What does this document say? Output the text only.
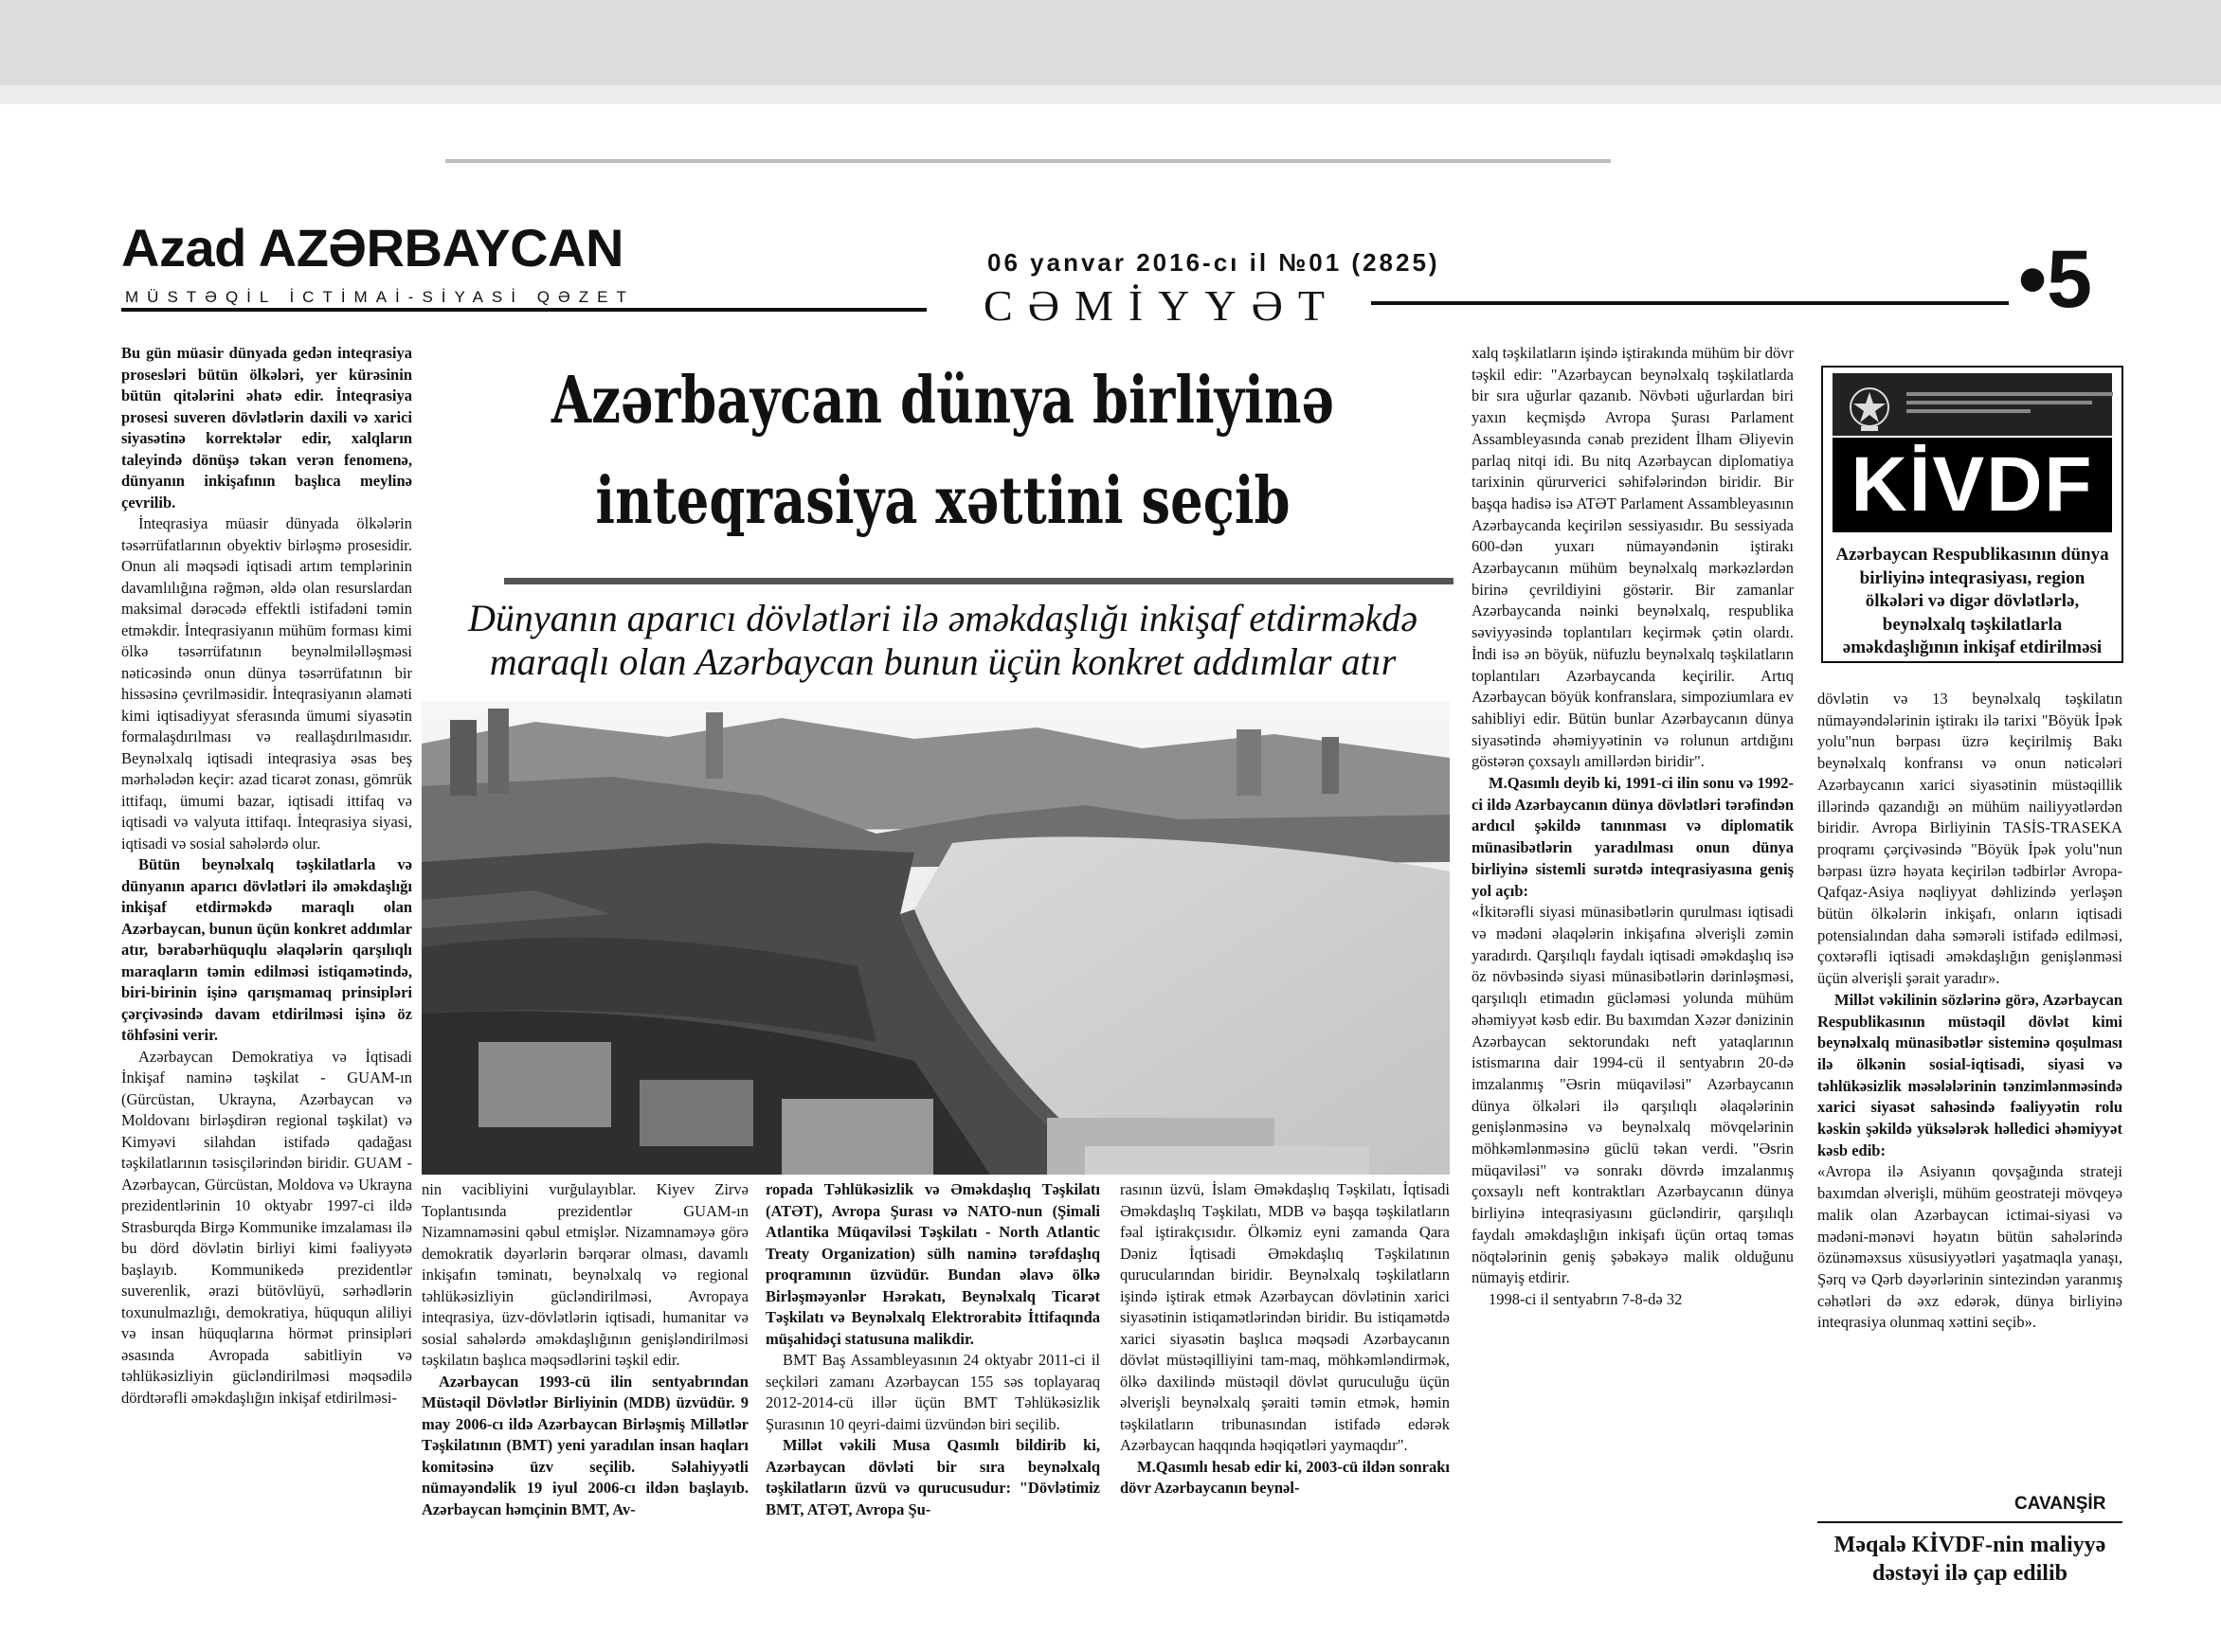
Azad AZƏRBAYCAN
MÜSTƏQİL İCTİMAİ-SİYASİ QƏZET
06 yanvar 2016-cı il №01 (2825)
CƏMİYYƏT	•5

Bu gün müasir dünyada gedən inteqrasiya prosesləri bütün ölkələri, yer kürəsinin bütün qitələrini əhatə edir. İnteqrasiya prosesi suveren dövlətlərin daxili və xarici siyasətinə korrektələr edir, xalqların taleyində dönüşə təkan verən fenomenə, dünyanın inkişafının başlıca meylinə çevrilib.

İnteqrasiya müasir dünyada ölkələrin təsərrüfatlarının obyektiv birləşmə prosesidir. Onun ali məqsədi iqtisadi artım templərinin davamlılığına rəğmən, əldə olan resurslardan maksimal dərəcədə effektli istifadəni təmin etməkdir. İnteqrasiyanın mühüm forması kimi ölkə təsərrüfatının beynəlmiləlləşməsi nəticəsində onun dünya təsərrüfatının bir hissəsinə çevrilməsidir. İnteqrasiyanın əlaməti kimi iqtisadiyyat sferasında ümumi siyasətin formalaşdırılması və reallaşdırılmasıdır. Beynəlxalq iqtisadi inteqrasiya əsas beş mərhələdən keçir: azad ticarət zonası, gömrük ittifaqı, ümumi bazar, iqtisadi ittifaq və iqtisadi və valyuta ittifaqı. İnteqrasiya siyasi, iqtisadi və sosial sahələrdə olur.

Bütün beynəlxalq təşkilatlarla və dünyanın aparıcı dövlətləri ilə əməkdaşlığı inkişaf etdirməkdə maraqlı olan Azərbaycan, bunun üçün konkret addımlar atır, bərabərhüquqlu əlaqələrin qarşılıqlı maraqların təmin edilməsi istiqamətində, biri-birinin işinə qarışmamaq prinsipləri çərçivəsində davam etdirilməsi işinə öz töhfəsini verir.

Azərbaycan Demokratiya və İqtisadi İnkişaf naminə təşkilat - GUAM-ın (Gürcüstan, Ukrayna, Azərbaycan və Moldovanı birləşdirən regional təşkilat) və Kimyəvi silahdan istifadə qadağası təşkilatlarının təsisçilərindən biridir. GUAM - Azərbaycan, Gürcüstan, Moldova və Ukrayna prezidentlərinin 10 oktyabr 1997-ci ildə Strasburqda Birgə Kommunike imzalaması ilə bu dörd dövlətin birliyi kimi fəaliyyətə başlayıb. Kommunikedə prezidentlər suverenlik, ərazi bütövlüyü, sərhədlərin toxunulmazlığı, demokratiya, hüququn aliliyi və insan hüquqlarına hörmət prinsipləri əsasında Avropada sabitliyin və təhlükəsizliyin gücləndirilməsi məqsədilə dördtərəfli əməkdaşlığın inkişaf etdirilməsi-

Azərbaycan dünya birliyinə
inteqrasiya xəttini seçib
Dünyanın aparıcı dövlətləri ilə əməkdaşlığı inkişaf etdirməkdə
maraqlı olan Azərbaycan bunun üçün konkret addımlar atır

nin vacibliyini vurğulayıblar. Kiyev Zirvə Toplantısında prezidentlər GUAM-ın Nizamnaməsini qəbul etmişlər. Nizamnaməyə görə demokratik dəyərlərin bərqərar olması, davamlı inkişafın təminatı, beynəlxalq və regional təhlükəsizliyin gücləndirilməsi, Avropaya inteqrasiya, üzv-dövlətlərin iqtisadi, humanitar və sosial sahələrdə əməkdaşlığının genişləndirilməsi təşkilatın başlıca məqsədlərini təşkil edir.

Azərbaycan 1993-cü ilin sentyabrından Müstəqil Dövlətlər Birliyinin (MDB) üzvüdür. 9 may 2006-cı ildə Azərbaycan Birləşmiş Millətlər Təşkilatının (BMT) yeni yaradılan insan haqları komitəsinə üzv seçilib. Səlahiyyətli nümayəndəlik 19 iyul 2006-cı ildən başlayıb. Azərbaycan həmçinin BMT, Av-

ropada Təhlükəsizlik və Əməkdaşlıq Təşkilatı (ATƏT), Avropa Şurası və NATO-nun (Şimali Atlantika Müqaviləsi Təşkilatı - North Atlantic Treaty Organization) sülh naminə tərəfdaşlıq proqramının üzvüdür. Bundan əlavə ölkə Birləşməyənlər Hərəkatı, Beynəlxalq Ticarət Təşkilatı və Beynəlxalq Elektrorabitə İttifaqında müşahidəçi statusuna malikdir.

BMT Baş Assambleyasının 24 oktyabr 2011-ci il seçkiləri zamanı Azərbaycan 155 səs toplayaraq 2012-2014-cü illər üçün BMT Təhlükəsizlik Şurasının 10 qeyri-daimi üzvündən biri seçilib.

Millət vəkili Musa Qasımlı bildirib ki, Azərbaycan dövləti bir sıra beynəlxalq təşkilatların üzvü və qurucusudur: "Dövlətimiz BMT, ATƏT, Avropa Şu-

rasının üzvü, İslam Əməkdaşlıq Təşkilatı, İqtisadi Əməkdaşlıq Təşkilatı, MDB və başqa təşkilatların fəal iştirakçısıdır. Ölkəmiz eyni zamanda Qara Dəniz İqtisadi Əməkdaşlıq Təşkilatının qurucularından biridir. Beynəlxalq təşkilatların işində iştirak etmək Azərbaycan dövlətinin xarici siyasətinin istiqamətlərindən biridir. Bu istiqamətdə xarici siyasətin başlıca məqsədi Azərbaycanın dövlət müstəqilliyini tam-maq, möhkəmləndirmək, ölkə daxilində müstəqil dövlət quruculuğu üçün əlverişli beynəlxalq şəraiti təmin etmək, həmin təşkilatların tribunasından istifadə edərək Azərbaycan haqqında həqiqətləri yaymaqdır".

M.Qasımlı hesab edir ki, 2003-cü ildən sonrakı dövr Azərbaycanın beynəl-

xalq təşkilatların işində iştirakında mühüm bir dövr təşkil edir: "Azərbaycan beynəlxalq təşkilatlarda bir sıra uğurlar qazanıb. Növbəti uğurlardan biri yaxın keçmişdə Avropa Şurası Parlament Assambleyasında cənab prezident İlham Əliyevin parlaq nitqi idi. Bu nitq Azərbaycan diplomatiya tarixinin qürurverici səhifələrindən biridir. Bir başqa hadisə isə ATƏT Parlament Assambleyasının Azərbaycanda keçirilən sessiyasıdır. Bu sessiyada 600-dən yuxarı nümayəndənin iştirakı Azərbaycanın mühüm beynəlxalq mərkəzlərdən birinə çevrildiyini göstərir. Bir zamanlar Azərbaycanda nəinki beynəlxalq, respublika səviyyəsində toplantıları keçirmək çətin olardı. İndi isə ən böyük, nüfuzlu beynəlxalq təşkilatların toplantıları Azərbaycanda keçirilir. Artıq Azərbaycan böyük konfranslara, simpoziumlara ev sahibliyi edir. Bütün bunlar Azərbaycanın dünya siyasətində əhəmiyyətinin və rolunun artdığını göstərən çoxsaylı amillərdən biridir".

M.Qasımlı deyib ki, 1991-ci ilin sonu və 1992-ci ildə Azərbaycanın dünya dövlətləri tərəfindən ardıcıl şəkildə tanınması və diplomatik münasibətlərin yaradılması onun dünya birliyinə sistemli surətdə inteqrasiyasına geniş yol açıb:

«İkitərəfli siyasi münasibətlərin qurulması iqtisadi və mədəni əlaqələrin inkişafına əlverişli zəmin yaradırdı. Qarşılıqlı faydalı iqtisadi əməkdaşlıq isə öz növbəsində siyasi münasibətlərin dərinləşməsi, qarşılıqlı etimadın gücləməsi yolunda mühüm əhəmiyyət kəsb edir. Bu baxımdan Xəzər dənizinin Azərbaycan sektorundakı neft yataqlarının istismarına dair 1994-cü il sentyabrın 20-də imzalanmış "Əsrin müqaviləsi" Azərbaycanın dünya ölkələri ilə qarşılıqlı əlaqələrinin genişlənməsinə və beynəlxalq mövqelərinin möhkəmlənməsinə güclü təkan verdi. "Əsrin müqaviləsi" və sonrakı dövrdə imzalanmış çoxsaylı neft kontraktları Azərbaycanın dünya birliyinə inteqrasiyasını gücləndirir, qarşılıqlı faydalı əməkdaşlığın inkişafı üçün ortaq təmas nöqtələrinin geniş şəbəkəyə malik olduğunu nümayiş etdirir.

1998-ci il sentyabrın 7-8-də 32

KİVDF
Azərbaycan Respublikasının dünya birliyinə inteqrasiyası, region ölkələri və digər dövlətlərlə, beynəlxalq təşkilatlarla əməkdaşlığının inkişaf etdirilməsi

dövlətin və 13 beynəlxalq təşkilatın nümayəndələrinin iştirakı ilə tarixi "Böyük İpək yolu"nun bərpası üzrə keçirilmiş Bakı beynəlxalq konfransı və onun nəticələri Azərbaycanın xarici siyasətinin müstəqillik illərində qazandığı ən mühüm nailiyyətlərdən biridir. Avropa Birliyinin TASİS-TRASEKA proqramı çərçivəsində "Böyük İpək yolu"nun bərpası üzrə həyata keçirilən tədbirlər Avropa-Qafqaz-Asiya nəqliyyat dəhlizində yerləşən bütün ölkələrin inkişafı, onların iqtisadi potensialından daha səmərəli istifadə edilməsi, çoxtərəfli iqtisadi əməkdaşlığın genişlənməsi üçün əlverişli şərait yaradır».

Millət vəkilinin sözlərinə görə, Azərbaycan Respublikasının müstəqil dövlət kimi beynəlxalq münasibətlər sisteminə qoşulması ilə ölkənin sosial-iqtisadi, siyasi və təhlükəsizlik məsələlərinin tənzimlənməsində xarici siyasət sahəsində fəaliyyətin rolu kəskin şəkildə yüksələrək həlledici əhəmiyyət kəsb edib:

«Avropa ilə Asiyanın qovşağında strateji baxımdan əlverişli, mühüm geostrateji mövqeyə malik olan Azərbaycan ictimai-siyasi və mədəni-mənəvi həyatın bütün sahələrində özünəməxsus xüsusiyyətləri yaşatmaqla yanaşı, Şərq və Qərb dəyərlərinin sintezindən yaranmış cəhətləri də əxz edərək, dünya birliyinə inteqrasiya olunmaq xəttini seçib».

CAVANŞİR
Məqalə KİVDF-nin maliyyə dəstəyi ilə çap edilib
